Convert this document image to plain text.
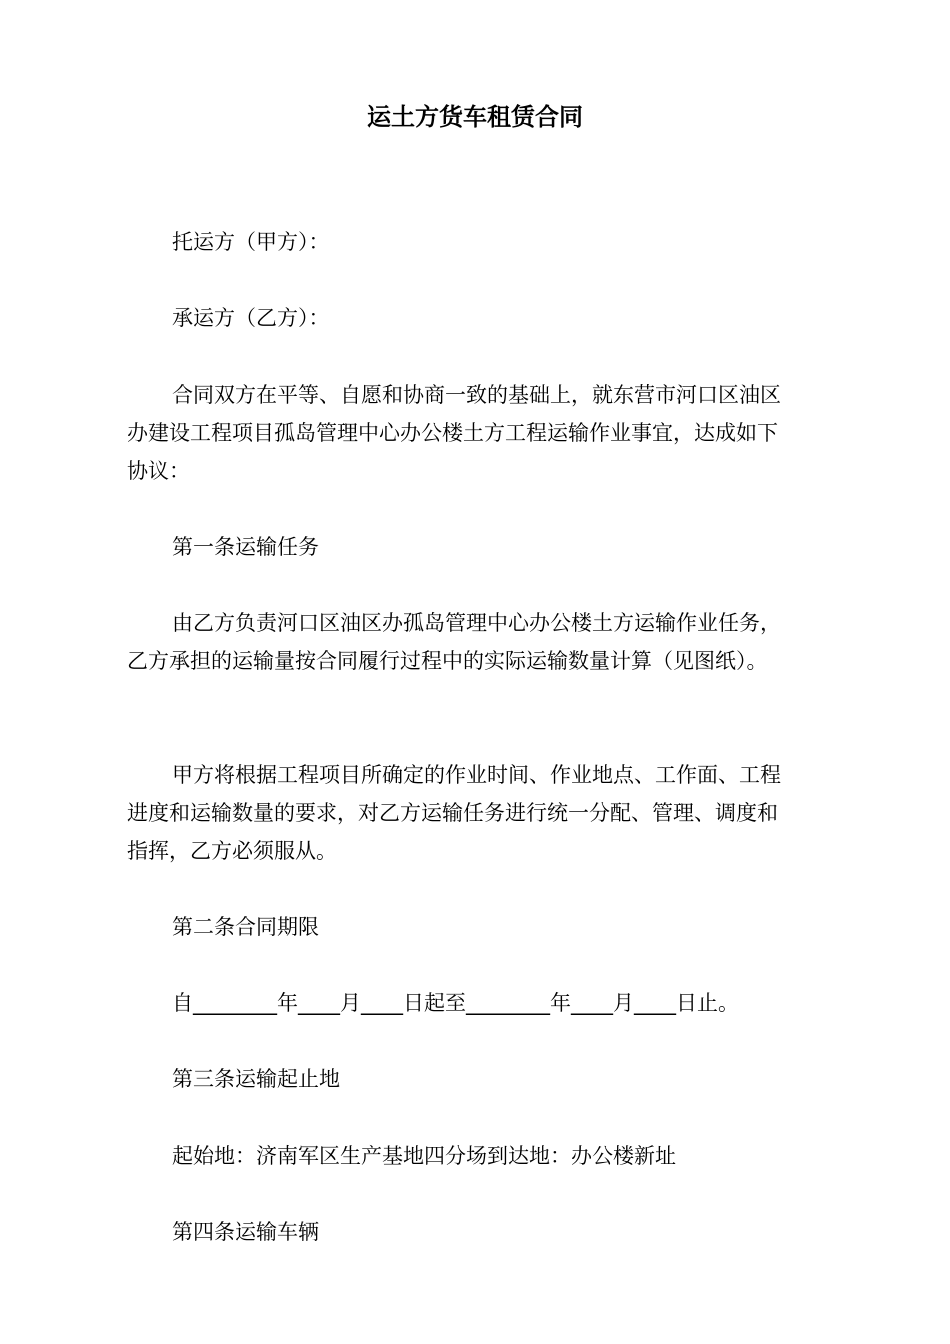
运土方货车租赁合同

托运方（甲方）：

承运方（乙方）：

合同双方在平等、自愿和协商一致的基础上，就东营市河口区油区

办建设工程项目孤岛管理中心办公楼土方工程运输作业事宜，达成如下

协议：

第一条运输任务

由乙方负责河口区油区办孤岛管理中心办公楼土方运输作业任务，

乙方承担的运输量按合同履行过程中的实际运输数量计算（见图纸）。

甲方将根据工程项目所确定的作业时间、作业地点、工作面、工程

进度和运输数量的要求，对乙方运输任务进行统一分配、管理、调度和

指挥，乙方必须服从。

第二条合同期限

自________年____月____日起至________年____月____日止。

第三条运输起止地

起始地：济南军区生产基地四分场到达地：办公楼新址

第四条运输车辆
